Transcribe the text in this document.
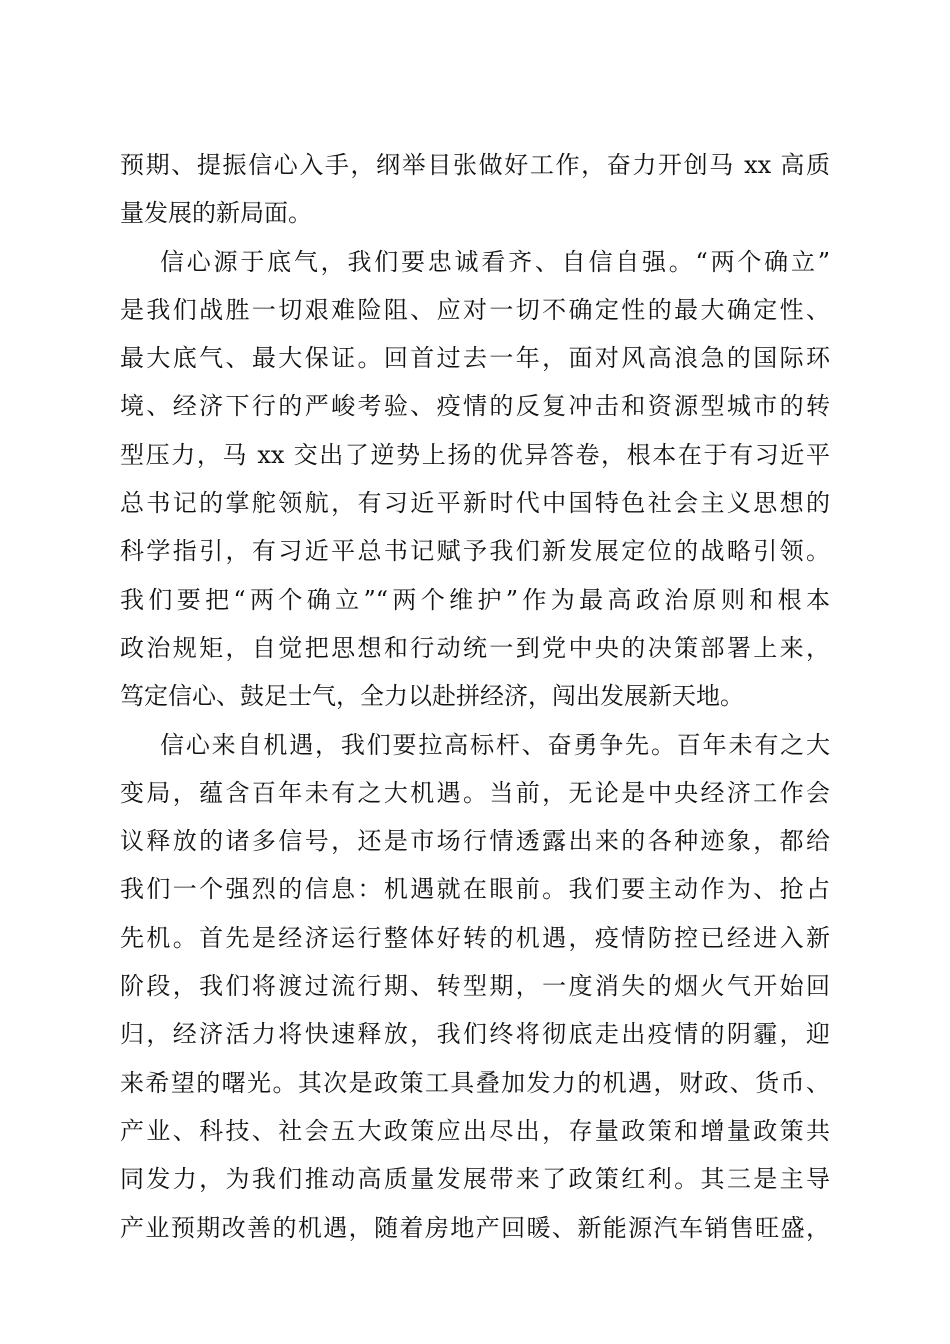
预期、提振信心入手，纲举目张做好工作，奋力开创马 xx 高质
量发展的新局面。
信心源于底气，我们要忠诚看齐、自信自强。“两个确立”
是我们战胜一切艰难险阻、应对一切不确定性的最大确定性、
最大底气、最大保证。回首过去一年，面对风高浪急的国际环
境、经济下行的严峻考验、疫情的反复冲击和资源型城市的转
型压力，马 xx 交出了逆势上扬的优异答卷，根本在于有习近平
总书记的掌舵领航，有习近平新时代中国特色社会主义思想的
科学指引，有习近平总书记赋予我们新发展定位的战略引领。
我们要把“两个确立”“两个维护”作为最高政治原则和根本
政治规矩，自觉把思想和行动统一到党中央的决策部署上来，
笃定信心、鼓足士气，全力以赴拼经济，闯出发展新天地。
信心来自机遇，我们要拉高标杆、奋勇争先。百年未有之大
变局，蕴含百年未有之大机遇。当前，无论是中央经济工作会
议释放的诸多信号，还是市场行情透露出来的各种迹象，都给
我们一个强烈的信息：机遇就在眼前。我们要主动作为、抢占
先机。首先是经济运行整体好转的机遇，疫情防控已经进入新
阶段，我们将渡过流行期、转型期，一度消失的烟火气开始回
归，经济活力将快速释放，我们终将彻底走出疫情的阴霾，迎
来希望的曙光。其次是政策工具叠加发力的机遇，财政、货币、
产业、科技、社会五大政策应出尽出，存量政策和增量政策共
同发力，为我们推动高质量发展带来了政策红利。其三是主导
产业预期改善的机遇，随着房地产回暖、新能源汽车销售旺盛，
